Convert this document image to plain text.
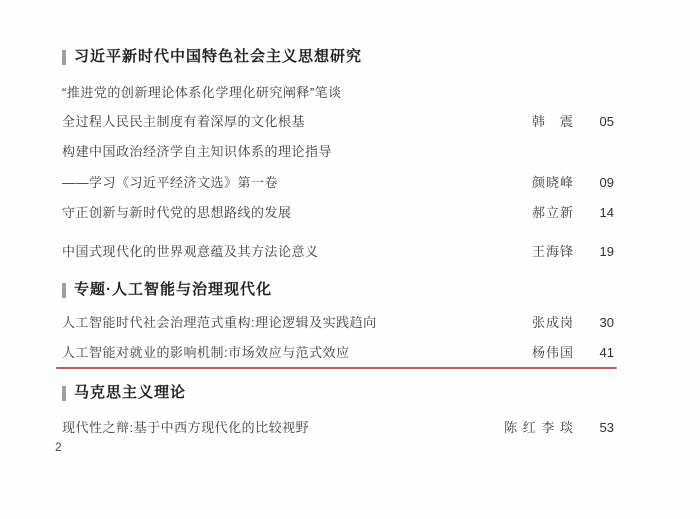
习近平新时代中国特色社会主义思想研究
“推进党的创新理论体系化学理化研究阐释”笔谈
全过程人民民主制度有着深厚的文化根基	韩　震	05
构建中国政治经济学自主知识体系的理论指导
——学习《习近平经济文选》第一卷	颜晓峰	09
守正创新与新时代党的思想路线的发展	郝立新	14
中国式现代化的世界观意蕴及其方法论意义	王海锋	19
专题·人工智能与治理现代化
人工智能时代社会治理范式重构:理论逻辑及实践趋向	张成岗	30
人工智能对就业的影响机制:市场效应与范式效应	杨伟国	41
马克思主义理论
现代性之辩:基于中西方现代化的比较视野	陈 红 李 琰	53
2
